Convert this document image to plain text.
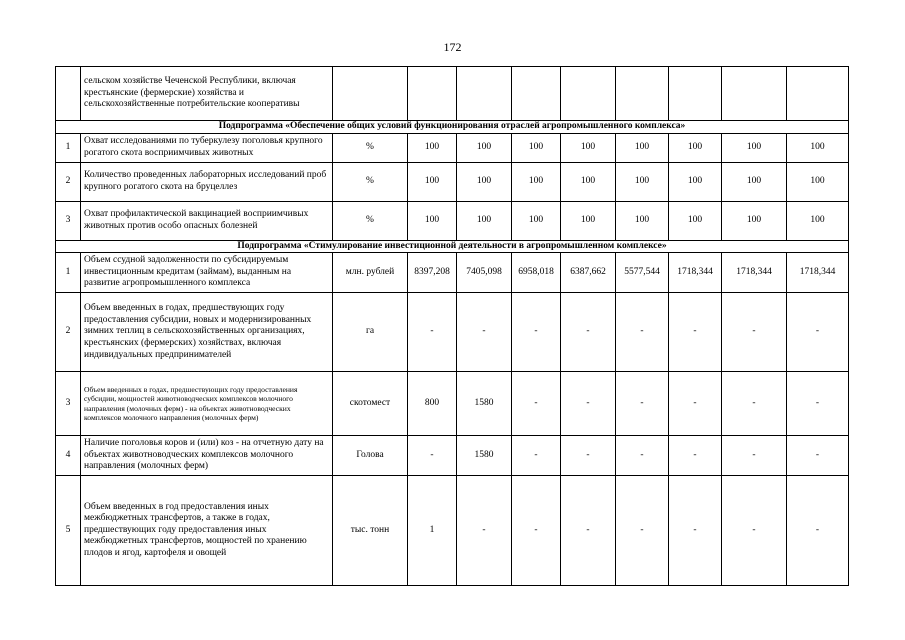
172
	сельском хозяйстве Чеченской Республики, включая крестьянские (фермерские) хозяйства и сельскохозяйственные потребительские кооперативы									
Подпрограмма «Обеспечение общих условий функционирования отраслей агропромышленного комплекса»										
1	Охват исследованиями по туберкулезу поголовья крупного рогатого скота восприимчивых животных	%	100	100	100	100	100	100	100	100
2	Количество проведенных лабораторных исследований проб крупного рогатого скота на бруцеллез	%	100	100	100	100	100	100	100	100
3	Охват профилактической вакцинацией восприимчивых животных против особо опасных болезней	%	100	100	100	100	100	100	100	100
Подпрограмма «Стимулирование инвестиционной деятельности в агропромышленном комплексе»										
1	Объем ссудной задолженности по субсидируемым инвестиционным кредитам (займам), выданным на развитие агропромышленного комплекса	млн. рублей	8397,208	7405,098	6958,018	6387,662	5577,544	1718,344	1718,344	1718,344
2	Объем введенных в годах, предшествующих году предоставления субсидии, новых и модернизированных зимних теплиц в сельскохозяйственных организациях, крестьянских (фермерских) хозяйствах, включая индивидуальных предпринимателей	га	-	-	-	-	-	-	-	-
3	Объем введенных в годах, предшествующих году предоставления субсидии, мощностей животноводческих комплексов молочного направления (молочных ферм) - на объектах животноводческих комплексов молочного направления (молочных ферм)	скотомест	800	1580	-	-	-	-	-	-
4	Наличие поголовья коров и (или) коз - на отчетную дату на объектах животноводческих комплексов молочного направления (молочных ферм)	Голова	-	1580	-	-	-	-	-	-
5	Объем введенных в год предоставления иных межбюджетных трансфертов, а также в годах, предшествующих году предоставления иных межбюджетных трансфертов, мощностей по хранению плодов и ягод, картофеля и овощей	тыс. тонн	1	-	-	-	-	-	-	-
